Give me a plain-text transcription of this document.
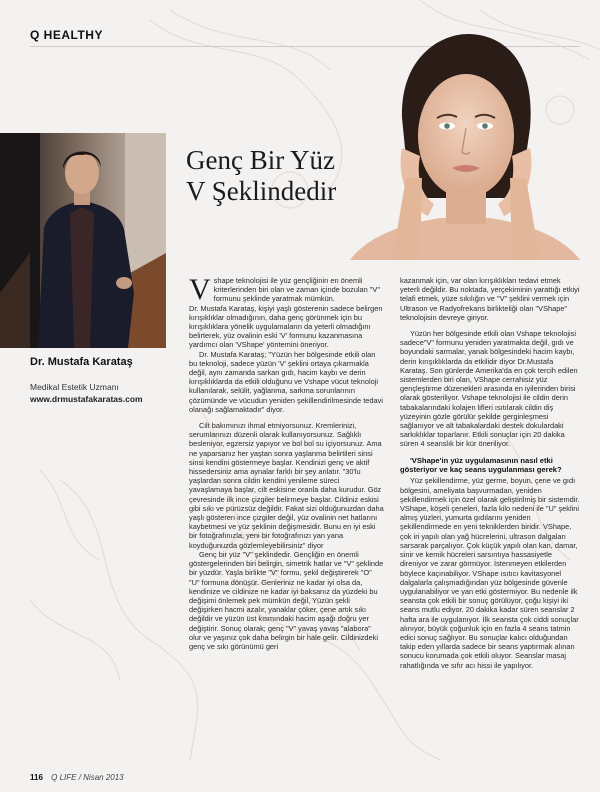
Q HEALTHY
Dr. Mustafa Karataş
Medikal Estetik Uzmanı
www.drmustafakaratas.com
Genç Bir Yüz
V Şeklindedir

Vshape teknolojisi ile yüz gençliğinin en önemli kriterlerinden biri olan ve zaman içinde bozulan "V" formunu şeklinde yaratmak mümkün.

Dr. Mustafa Karataş, kişiyi yaşlı gösterenin sadece belirgen kırışıklıklar olmadığının, daha genç görünmek için bu kırışıklıklara yönelik uygulamaların da yeterli olmadığını belirterek, yüz ovalinin eski 'V' formunu kazanmasına yardımcı olan 'VShape' yöntemini öneriyor.

Dr. Mustafa Karataş; "Yüzün her bölgesinde etkili olan bu teknoloji, sadece yüzün 'V' şeklini ortaya çıkarmakla değil, aynı zamanda sarkan gıdı, hacim kaybı ve derin kırışıklıklarda da etkili olduğunu ve Vshape vücut teknoloji kullanılarak, selülit, yağlanma, sarkma sorunlarının çözümünde ve vücudun yeniden şekillendirilmesinde tedavi olanağı sağlamaktadır" diyor.

Cilt bakımınızı ihmal etmiyorsunuz. Kremlerinizi, serumlarınızı düzenli olarak kullanıyorsunuz. Sağlıklı besleniyor, egzersiz yapıyor ve bol bol su içiyorsunuz. Ama ne yaparsanız her yaştan sonra yaşlanma belirtileri sinsi sinsi kendini göstermeye başlar. Kendinizi genç ve aktif hissedersiniz ama aynalar farklı bir şey anlatır. "30'lu yaşlardan sonra cildin kendini yenileme süreci yavaşlamaya başlar, cilt eskisine oranla daha kurudur. Göz çevresinde ilk ince çizgiler belirmeye başlar. Cildiniz eskisi gibi sıkı ve pürüzsüz değildir. Fakat sizi olduğunuzdan daha yaşlı gösteren ince çizgiler değil, yüz ovalinin net hatlarını kaybetmesi ve yüz şeklinin değişmesidir. Bunu en iyi eski bir fotoğrafınızla, yeni bir fotoğrafınızı yan yana koyduğunuzda gözlemleyebilirsiniz" diyor

Genç bir yüz "V" şeklindedir. Gençliğin en önemli göstergelerinden biri belirgin, simetrik hatlar ve "V" şeklinde bir yüzdür. Yaşla birlikte "V" formu, şekil değiştirerek "O" "U" formuna dönüşür. Genleriniz ne kadar iyi olsa da, kendinize ve cildinize ne kadar iyi baksanız da yüzdeki bu değişimi önlemek pek mümkün değil, Yüzün şekli değişirken hacmi azalır, yanaklar çöker, çene artık sıkı değildir ve yüzün üst kısmındaki hacim aşağı doğru yer değiştirir. Sonuç olarak; genç "V" yavaş yavaş "alabora" olur ve yaşınız çok daha belirgin bir hale gelir. Cildinizdeki genç ve sıkı görünümü geri

kazanmak için, var olan kırışıklıkları tedavi etmek yeterli değildir. Bu noktada, yerçekiminin yarattığı etkiyi telafi etmek, yüze sıkılığın ve "V" şeklini vermek için Ultrason ve Radyofrekans birlikteliği olan "VShape" teknolojisin devreye giriyor.

Yüzün her bölgesinde etkili olan Vshape teknolojisi sadece"V" formunu yeniden yaratmakta değil, gıdı ve boyundaki sarmalar, yanak bölgesindeki hacim kaybı, derin kırışıklıklarda da etkilidir diyor Dr.Mustafa Karataş. Son günlerde Amerika'da en çok tercih edilen sistemlerden biri olan, VShape cerrahisiz yüz gençleştirme düzenekleri arasında en iyilerinden birisi olarak gösteriliyor. Vshape teknolojisi ile cildin derin tabakalarındaki kolajen lifleri ısıtılarak cildin diş yüzeyinin gözle görülür şekilde gerginleşmesi sağlanıyor ve alt tabakalardaki destek dokulardaki sarkıklıklar toparlanır. Etkili sonuçlar için 20 dakika süren 4 seanslık bir kür öneriliyor.

'VShape'in yüz uygulamasının nasıl etki gösteriyor ve kaç seans uygulanması gerek?

Yüz şekillendirme, yüz germe, boyun, çene ve gıdı bölgesini, ameliyata başvurmadan, yeniden şekillendirmek için özel olarak geliştirilmiş bir sistemdir. VShape, köşeli çeneleri, fazla kilo nedeni ile "U" şeklini almış yüzleri, yumurta gıdılarını yeniden şekillendirmede en yeni tekniklerden biridir. VShape, çok iri yapılı olan yağ hücrelerini, ultrason dalgaları sarsarak parçalıyor. Çok küçük yapılı olan kan, damar, sinir ve kemik hücreleri sarsıntıya hassasiyetle direniyor ve zarar görmüyor. İstenmeyen etkilerden böylece kaçınabiliyor. VShape ısıtıcı kavitasyonel dalgalarla çalışmadığından yüz bölgesinde güvenle uygulanabiliyor ve yan etki göstermiyor. Bu nedenle ilk seansta çok etkili bir sonuç görülüyor, çoğu kişiyi iki seans mutlu ediyor. 20 dakika kadar süren seanslar 2 hafta ara ile uygulanıyor. İlk seansta çok ciddi sonuçlar alınıyor, büyük çoğunluk için en fazla 4 seans tatmin edici sonuç sağlıyor. Bu sonuçlar kalıcı olduğundan takip eden yıllarda sadece bir seans yaptırmak alınan sonucu korumada çok etkili oluyor. Seanslar masaj rahatlığında ve sıfır acı hissi ile yapılıyor.

116 Q LIFE / Nisan 2013
